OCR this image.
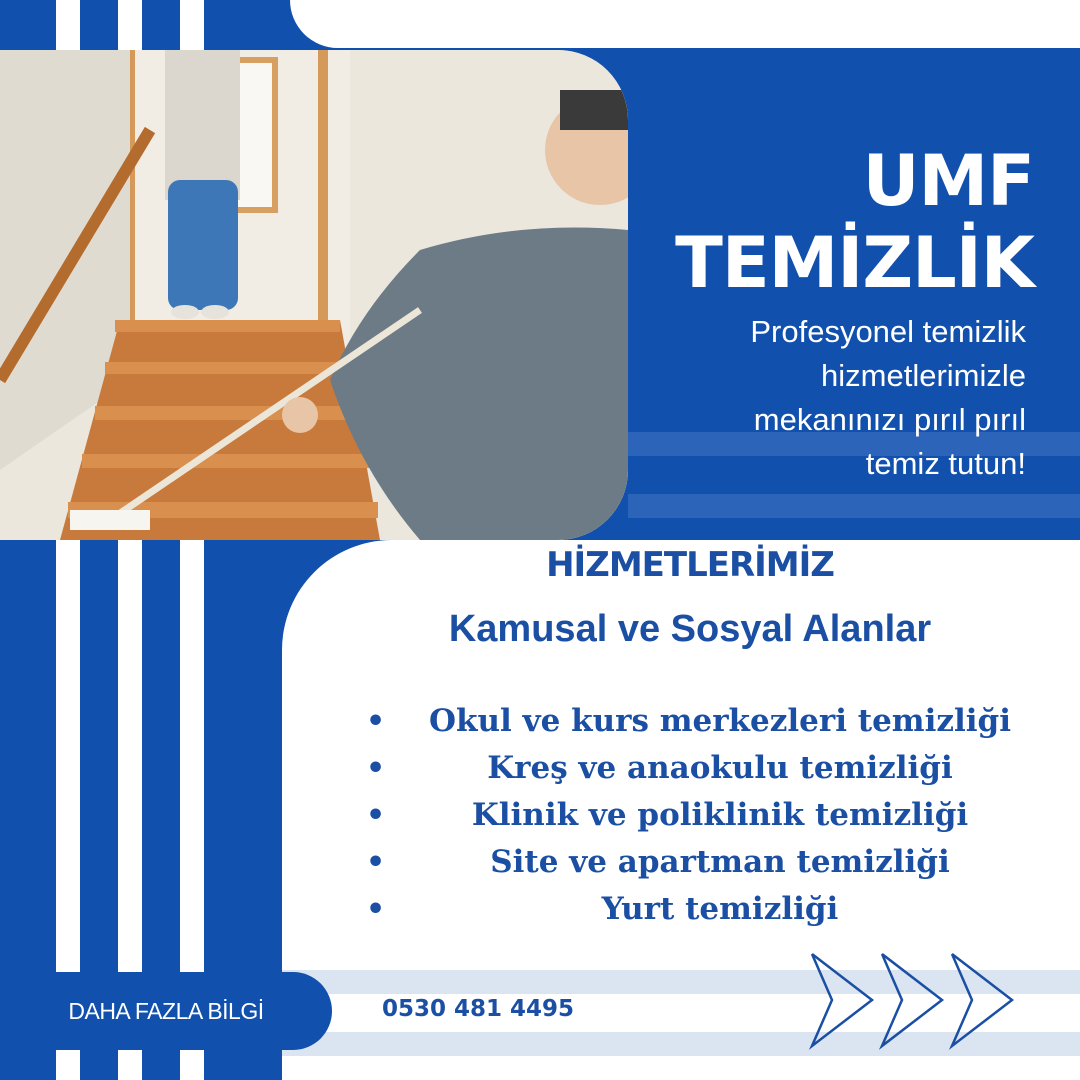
UMF
TEMİZLİK
Profesyonel temizlik
hizmetlerimizle
mekanınızı pırıl pırıl
temiz tutun!
HİZMETLERİMİZ
Kamusal ve Sosyal Alanlar
• Okul ve kurs merkezleri temizliği
•	Kreş ve anaokulu temizliği
•	Klinik ve poliklinik temizliği
•	Site ve apartman temizliği
•	Yurt temizliği
DAHA FAZLA BİLGİ	0530 481 4495
